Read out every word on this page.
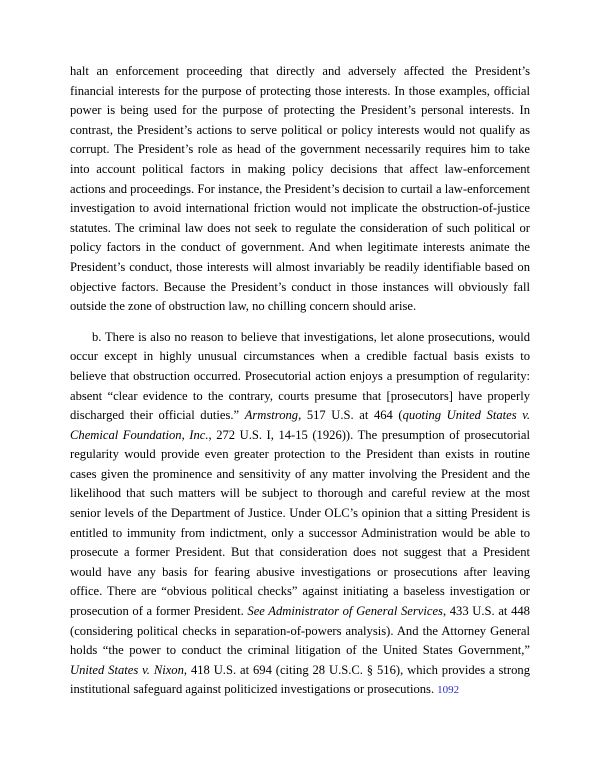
halt an enforcement proceeding that directly and adversely affected the President’s financial interests for the purpose of protecting those interests. In those examples, official power is being used for the purpose of protecting the President’s personal interests. In contrast, the President’s actions to serve political or policy interests would not qualify as corrupt. The President’s role as head of the government necessarily requires him to take into account political factors in making policy decisions that affect law-enforcement actions and proceedings. For instance, the President’s decision to curtail a law-enforcement investigation to avoid international friction would not implicate the obstruction-of-justice statutes. The criminal law does not seek to regulate the consideration of such political or policy factors in the conduct of government. And when legitimate interests animate the President’s conduct, those interests will almost invariably be readily identifiable based on objective factors. Because the President’s conduct in those instances will obviously fall outside the zone of obstruction law, no chilling concern should arise.
b. There is also no reason to believe that investigations, let alone prosecutions, would occur except in highly unusual circumstances when a credible factual basis exists to believe that obstruction occurred. Prosecutorial action enjoys a presumption of regularity: absent “clear evidence to the contrary, courts presume that [prosecutors] have properly discharged their official duties.” Armstrong, 517 U.S. at 464 (quoting United States v. Chemical Foundation, Inc., 272 U.S. I, 14-15 (1926)). The presumption of prosecutorial regularity would provide even greater protection to the President than exists in routine cases given the prominence and sensitivity of any matter involving the President and the likelihood that such matters will be subject to thorough and careful review at the most senior levels of the Department of Justice. Under OLC’s opinion that a sitting President is entitled to immunity from indictment, only a successor Administration would be able to prosecute a former President. But that consideration does not suggest that a President would have any basis for fearing abusive investigations or prosecutions after leaving office. There are “obvious political checks” against initiating a baseless investigation or prosecution of a former President. See Administrator of General Services, 433 U.S. at 448 (considering political checks in separation-of-powers analysis). And the Attorney General holds “the power to conduct the criminal litigation of the United States Government,” United States v. Nixon, 418 U.S. at 694 (citing 28 U.S.C. § 516), which provides a strong institutional safeguard against politicized investigations or prosecutions. 1092
